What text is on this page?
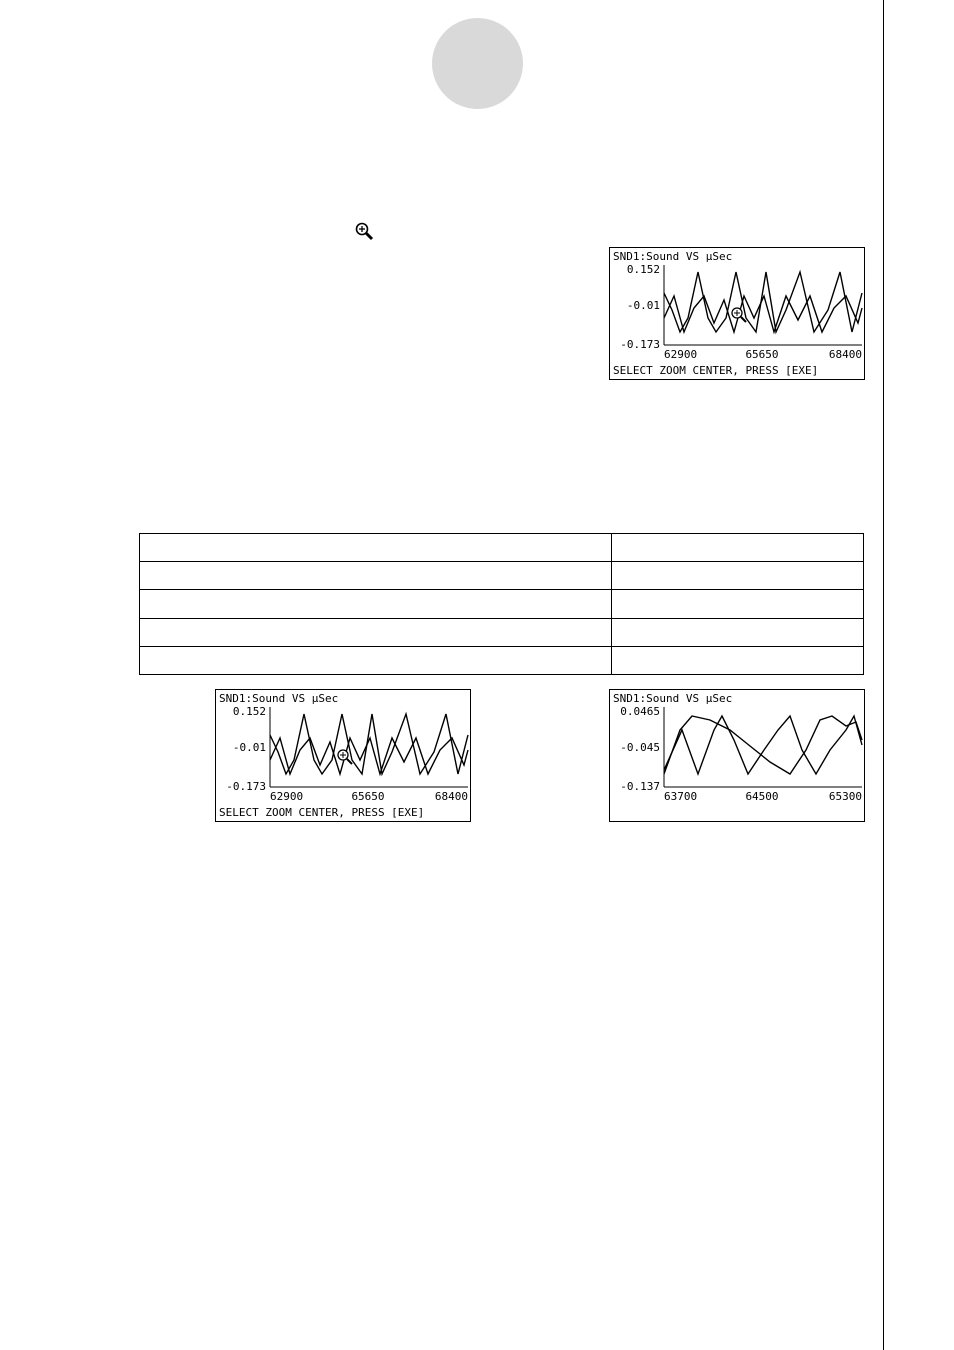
SND1:Sound VS µSec
0.152
-0.01
-0.173
62900	65650	68400
SELECT ZOOM CENTER, PRESS [EXE]

SND1:Sound VS µSec
0.152
-0.01
-0.173
62900	65650	68400
SELECT ZOOM CENTER, PRESS [EXE]
SND1:Sound VS µSec
0.0465
-0.045
-0.137
63700	64500	65300
